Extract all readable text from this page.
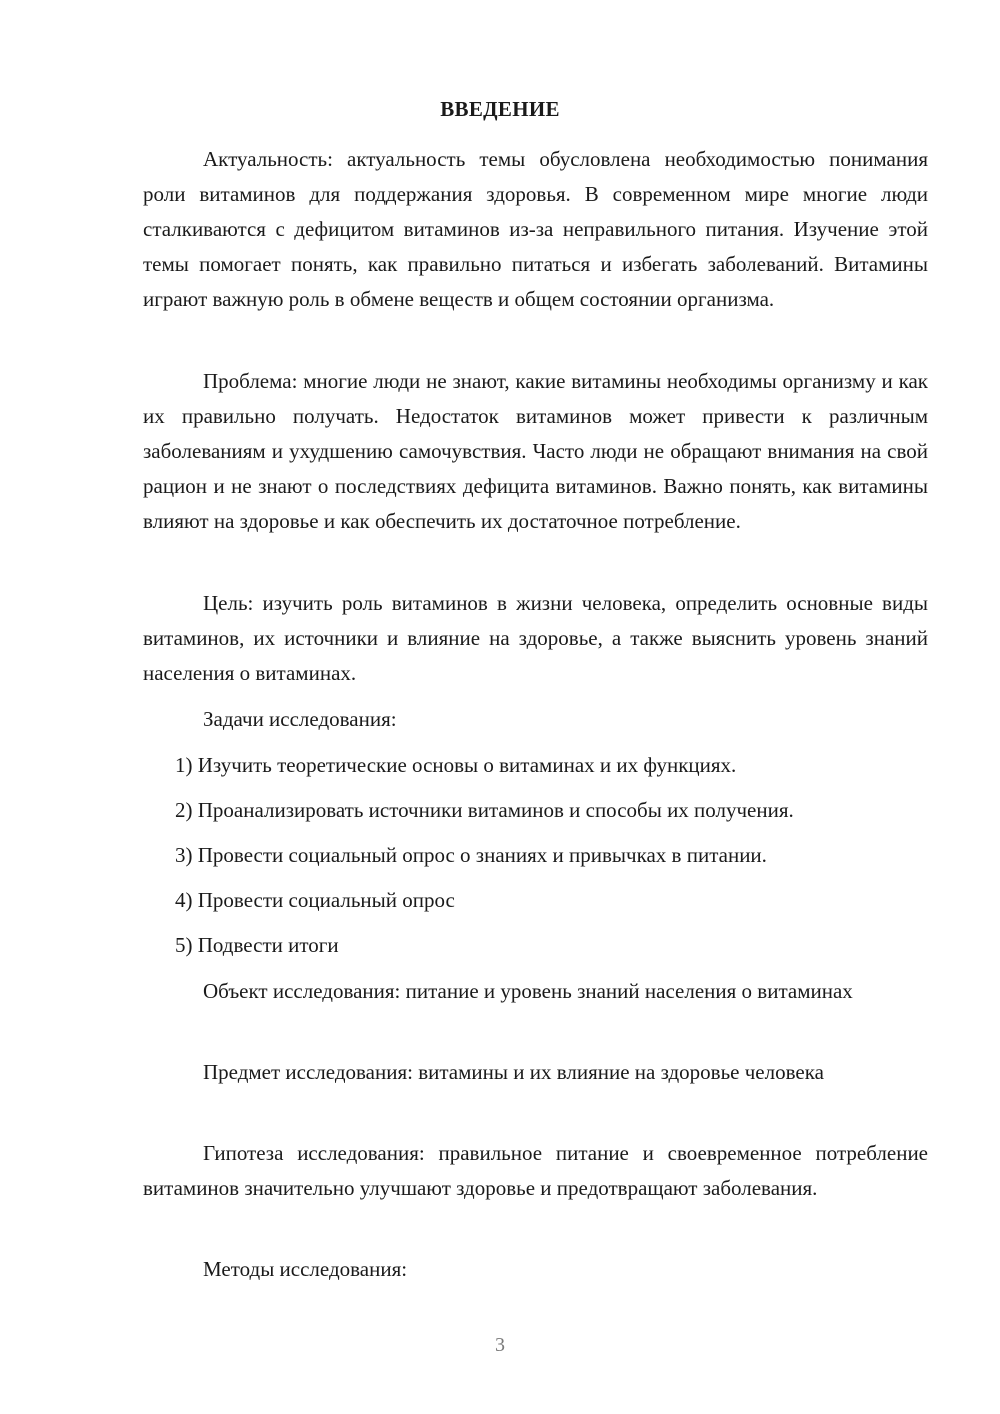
ВВЕДЕНИЕ

Актуальность: актуальность темы обусловлена необходимостью понимания роли витаминов для поддержания здоровья. В современном мире многие люди сталкиваются с дефицитом витаминов из-за неправильного питания. Изучение этой темы помогает понять, как правильно питаться и избегать заболеваний. Витамины играют важную роль в обмене веществ и общем состоянии организма.

Проблема: многие люди не знают, какие витамины необходимы организму и как их правильно получать. Недостаток витаминов может привести к различным заболеваниям и ухудшению самочувствия. Часто люди не обращают внимания на свой рацион и не знают о последствиях дефицита витаминов. Важно понять, как витамины влияют на здоровье и как обеспечить их достаточное потребление.

Цель: изучить роль витаминов в жизни человека, определить основные виды витаминов, их источники и влияние на здоровье, а также выяснить уровень знаний населения о витаминах.

Задачи исследования:

1) Изучить теоретические основы о витаминах и их функциях.

2) Проанализировать источники витаминов и способы их получения.

3) Провести социальный опрос о знаниях и привычках в питании.

4) Провести социальный опрос

5) Подвести итоги

Объект исследования: питание и уровень знаний населения о витаминах

Предмет исследования: витамины и их влияние на здоровье человека

Гипотеза исследования: правильное питание и своевременное потребление витаминов значительно улучшают здоровье и предотвращают заболевания.

Методы исследования:

3
